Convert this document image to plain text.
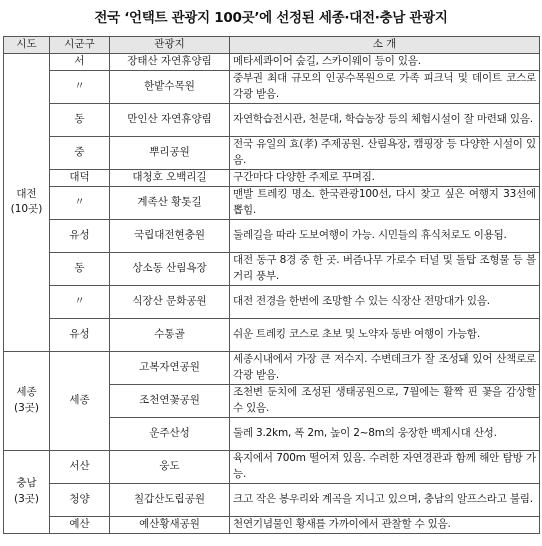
전국 ‘언택트 관광지 100곳’에 선정된 세종·대전·충남 관광지
시도	시군구	관광지	소 개

대전
(10곳)	서	장태산 자연휴양림	메타세콰이어 숲길, 스카이웨이 등이 있음.
	〃	한밭수목원	중부권 최대 규모의 인공수목원으로 가족 피크닉 및 데이트 코스로 각광 받음.
	동	만인산 자연휴양림	자연학습전시관, 천문대, 학습농장 등의 체험시설이 잘 마련돼 있음.
	중	뿌리공원	전국 유일의 효(孝) 주제공원. 산림욕장, 캠핑장 등 다양한 시설이 있음.
	대덕	대청호 오백리길	구간마다 다양한 주제로 꾸며짐.
	〃	계족산 황톳길	맨발 트레킹 명소. 한국관광100선, 다시 찾고 싶은 여행지 33선에 뽑힘.
	유성	국립대전현충원	둘레길을 따라 도보여행이 가능. 시민들의 휴식처로도 이용됨.
	동	상소동 산림욕장	대전 동구 8경 중 한 곳. 버즘나무 가로수 터널 및 돌탑 조형물 등 볼거리 풍부.
	〃	식장산 문화공원	대전 전경을 한번에 조망할 수 있는 식장산 전망대가 있음.
	유성	수통골	쉬운 트레킹 코스로 초보 및 노약자 동반 여행이 가능함.

세종
(3곳)	세종	고복자연공원	세종시내에서 가장 큰 저수지. 수변데크가 잘 조성돼 있어 산책로로 각광 받음.
		조천연꽃공원	조천변 둔치에 조성된 생태공원으로, 7월에는 활짝 핀 꽃을 감상할 수 있음.
		운주산성	둘레 3.2km, 폭 2m, 높이 2~8m의 웅장한 백제시대 산성.

충남
(3곳)	서산	웅도	육지에서 700m 떨어져 있음. 수려한 자연경관과 함께 해안 탐방 가능.
	청양	칠갑산도립공원	크고 작은 봉우리와 계곡을 지니고 있으며, 충남의 알프스라고 불림.
	예산	예산황새공원	천연기념물인 황새를 가까이에서 관찰할 수 있음.
